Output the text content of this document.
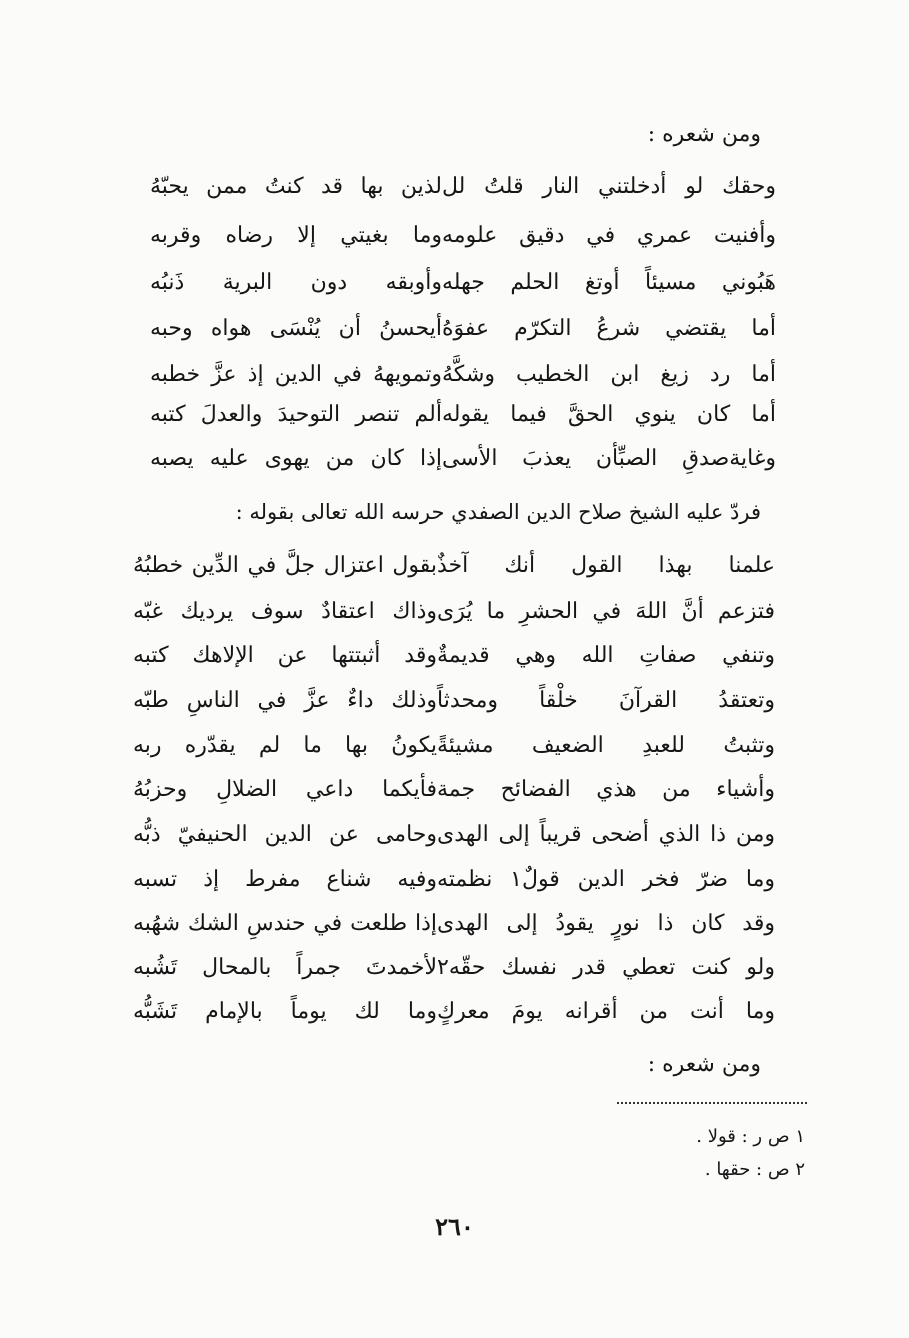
ومن شعره :
وحقك لو أدخلتني النار قلتُ لل
لذين بها قد كنتُ ممن يحبّهُ
وأفنيت عمري في دقيق علومه
وما بغيتي إلا رضاه وقربه
هَبُوني مسيئاً أوتغ الحلم جهله
وأوبقه دون البرية ذَنبُه
أما يقتضي شرعُ التكرّم عفوَهُ
أيحسنُ أن يُنْسَى هواه وحبه
أما رد زيغ ابن الخطيب وشكَّهُ
وتمويههُ في الدين إذ عزَّ خطبه
أما كان ينوي الحقَّ فيما يقوله
ألم تنصر التوحيدَ والعدلَ كتبه
وغايةصدقِ الصبِّأن يعذبَ الأسى
إذا كان من يهوى عليه يصبه
فردّ عليه الشيخ صلاح الدين الصفدي حرسه الله تعالى بقوله :
علمنا بهذا القول أنك آخذٌ
بقول اعتزال جلَّ في الدِّين خطبُهُ
فتزعم أنَّ اللهَ في الحشرِ ما يُرَى
وذاك اعتقادٌ سوف يرديك غبّه
وتنفي صفاتِ الله وهي قديمةٌ
وقد أثبتتها عن الإلاهك كتبه
وتعتقدُ القرآنَ خلْقاً ومحدثاً
وذلك داءٌ عزَّ في الناسِ طبّه
وتثبتُ للعبدِ الضعيف مشيئةً
يكونُ بها ما لم يقدّره ربه
وأشياء من هذي الفضائح جمة
فأيكما داعي الضلالِ وحزبُهُ
ومن ذا الذي أضحى قريباً إلى الهدى
وحامى عن الدين الحنيفيّ ذبُّه
وما ضرّ فخر الدين قولٌ١ نظمته
وفيه شناع مفرط إذ تسبه
وقد كان ذا نورٍ يقودُ إلى الهدى
إذا طلعت في حندسِ الشك شهُبه
ولو كنت تعطي قدر نفسك حقّه٢
لأخمدتَ جمراً بالمحال تَشُبه
وما أنت من أقرانه يومَ معركٍ
وما لك يوماً بالإمام تَشَبُّه
ومن شعره :
١ ص ر : قولا .
٢ ص : حقها .
٢٦٠
